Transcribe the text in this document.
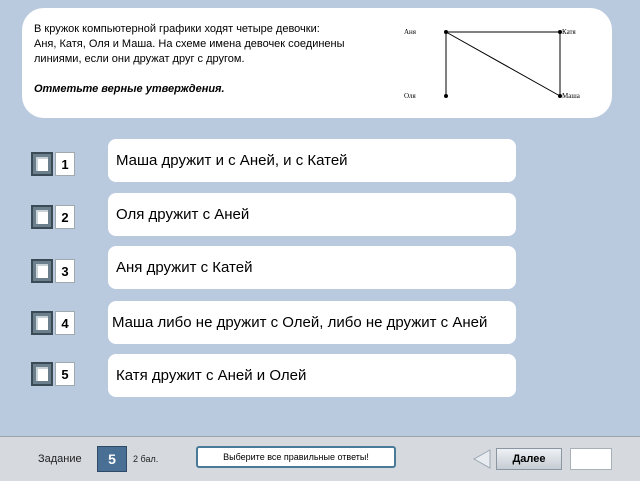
В кружок компьютерной графики ходят четыре девочки:

Аня, Катя, Оля и Маша. На схеме имена девочек соединены

линиями, если они дружат друг с другом.

Отметьте верные утверждения.

Аня	Катя
Оля	Маша
1	Маша дружит и с Аней, и с Катей
2	Оля дружит с Аней
3	Аня дружит с Катей
4	Маша либо не дружит с Олей, либо не дружит с Аней
5	Катя дружит с Аней и Олей
Задание	5	2 бал.	Выберите все правильные ответы!	Далее
